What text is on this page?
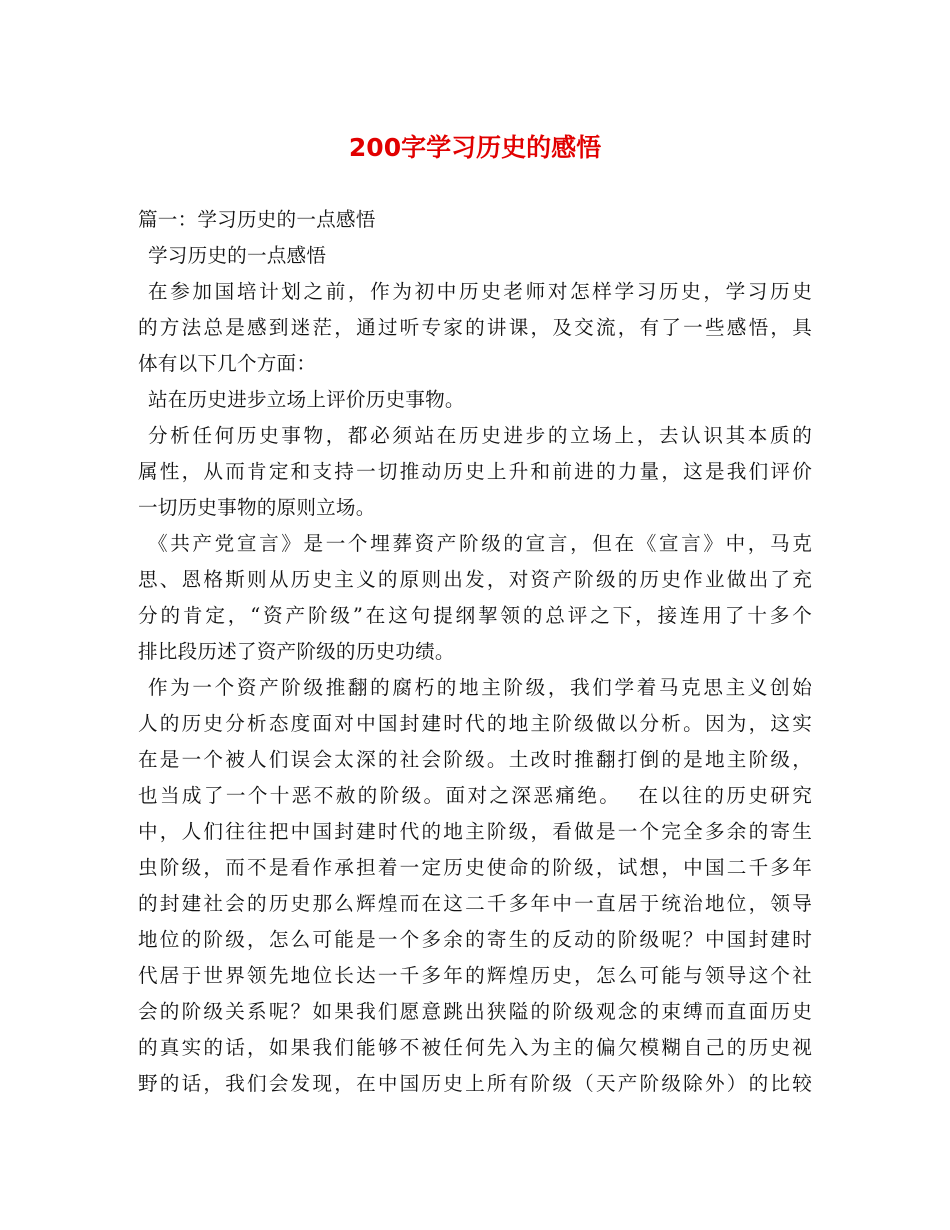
200字学习历史的感悟
篇一：学习历史的一点感悟
学习历史的一点感悟
在参加国培计划之前，作为初中历史老师对怎样学习历史，学习历史
的方法总是感到迷茫，通过听专家的讲课，及交流，有了一些感悟，具
体有以下几个方面：
站在历史进步立场上评价历史事物。
分析任何历史事物，都必须站在历史进步的立场上，去认识其本质的
属性，从而肯定和支持一切推动历史上升和前进的力量，这是我们评价
一切历史事物的原则立场。
《共产党宣言》是一个埋葬资产阶级的宣言，但在《宣言》中，马克
思、恩格斯则从历史主义的原则出发，对资产阶级的历史作业做出了充
分的肯定，“资产阶级”在这句提纲挈领的总评之下，接连用了十多个
排比段历述了资产阶级的历史功绩。
作为一个资产阶级推翻的腐朽的地主阶级，我们学着马克思主义创始
人的历史分析态度面对中国封建时代的地主阶级做以分析。因为，这实
在是一个被人们误会太深的社会阶级。土改时推翻打倒的是地主阶级，
也当成了一个十恶不赦的阶级。面对之深恶痛绝。  在以往的历史研究
中，人们往往把中国封建时代的地主阶级，看做是一个完全多余的寄生
虫阶级，而不是看作承担着一定历史使命的阶级，试想，中国二千多年
的封建社会的历史那么辉煌而在这二千多年中一直居于统治地位，领导
地位的阶级，怎么可能是一个多余的寄生的反动的阶级呢？中国封建时
代居于世界领先地位长达一千多年的辉煌历史，怎么可能与领导这个社
会的阶级关系呢？如果我们愿意跳出狭隘的阶级观念的束缚而直面历史
的真实的话，如果我们能够不被任何先入为主的偏欠模糊自己的历史视
野的话，我们会发现，在中国历史上所有阶级（天产阶级除外）的比较
